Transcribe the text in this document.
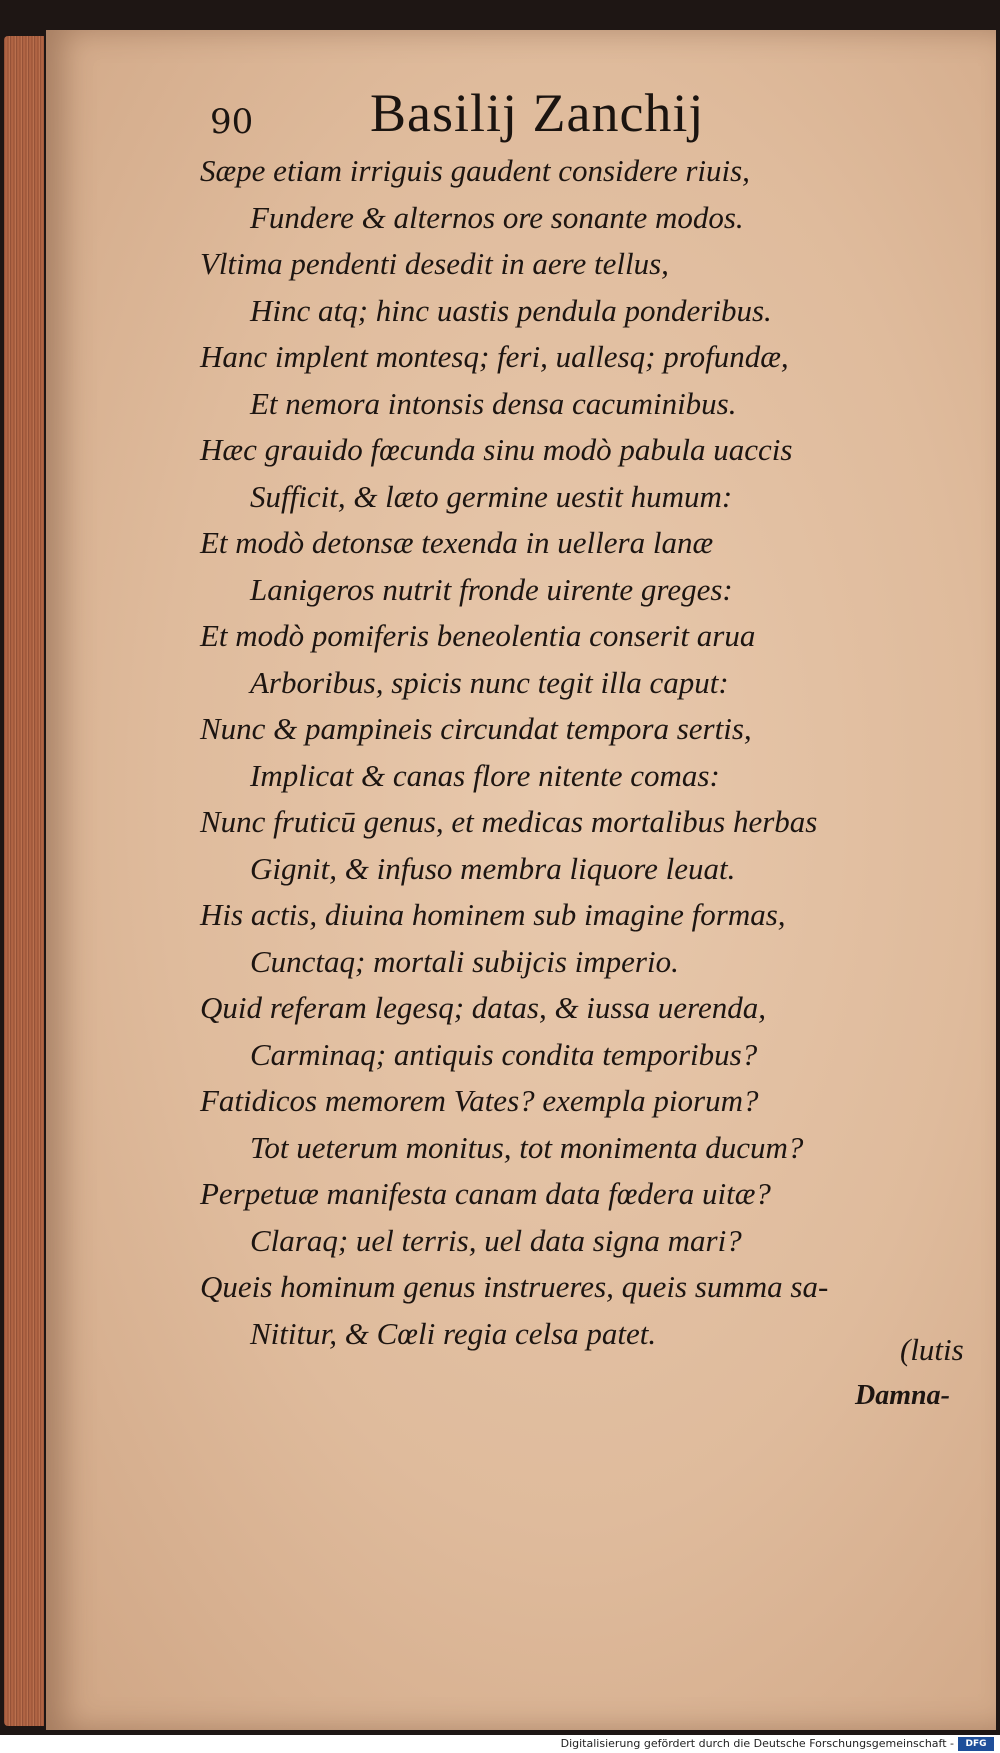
90 Basilij Zanchij
Sæpe etiam irriguis gaudent considere riuis,
Fundere & alternos ore sonante modos.
Vltima pendenti desedit in aere tellus,
Hinc atq; hinc uastis pendula ponderibus.
Hanc implent montesq; feri, uallesq; profundæ,
Et nemora intonsis densa cacuminibus.
Hæc grauido fœcunda sinu modò pabula uaccis
Sufficit, & læto germine uestit humum:
Et modò detonsæ texenda in uellera lanæ
Lanigeros nutrit fronde uirente greges:
Et modò pomiferis beneolentia conserit arua
Arboribus, spicis nunc tegit illa caput:
Nunc & pampineis circundat tempora sertis,
Implicat & canas flore nitente comas:
Nunc fruticū genus, et medicas mortalibus herbas
Gignit, & infuso membra liquore leuat.
His actis, diuina hominem sub imagine formas,
Cunctaq; mortali subijcis imperio.
Quid referam legesq; datas, & iussa uerenda,
Carminaq; antiquis condita temporibus?
Fatidicos memorem Vates? exempla piorum?
Tot ueterum monitus, tot monimenta ducum?
Perpetuæ manifesta canam data fœdera uitæ?
Claraq; uel terris, uel data signa mari?
Queis hominum genus instrueres, queis summa sa-
Nititur, & Cœli regia celsa patet.	(lutis
Damna-
Digitalisierung gefördert durch die Deutsche Forschungsgemeinschaft -	DFG
